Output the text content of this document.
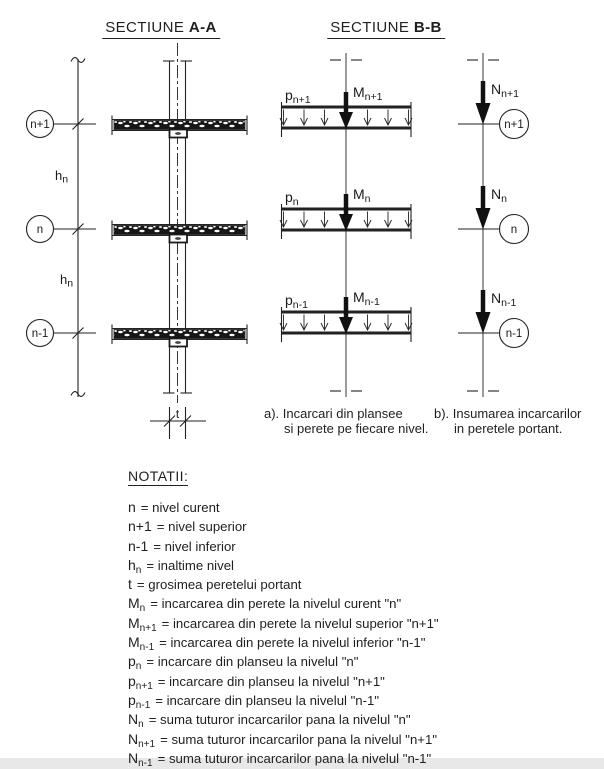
SECTIUNE A-A	SECTIUNE B-B
n+1
n
n-1
hn
hn
t
$p_{n+1}$	$M_{n+1}$
$p_n$	$M_n$
$p_{n-1}$	$M_{n-1}$
$N_{n+1}$
$N_n$
$N_{n-1}$
n+1
n
n-1
a). Incarcari din plansee
si perete pe fiecare nivel.
b). Insumarea incarcarilor
in peretele portant.
NOTATII:
n = nivel curent
n+1 = nivel superior
n-1 = nivel inferior
$h_n$ = inaltime nivel
t = grosimea peretelui portant
$M_n$ = incarcarea din perete la nivelul curent "n"
$M_{n+1}$ = incarcarea din perete la nivelul superior "n+1"
$M_{n-1}$ = incarcarea din perete la nivelul inferior "n-1"
$p_n$ = incarcare din planseu la nivelul "n"
$p_{n+1}$ = incarcare din planseu la nivelul "n+1"
$p_{n-1}$ = incarcare din planseu la nivelul "n-1"
$N_n$ = suma tuturor incarcarilor pana la nivelul "n"
$N_{n+1}$ = suma tuturor incarcarilor pana la nivelul "n+1"
$N_{n-1}$ = suma tuturor incarcarilor pana la nivelul "n-1"
